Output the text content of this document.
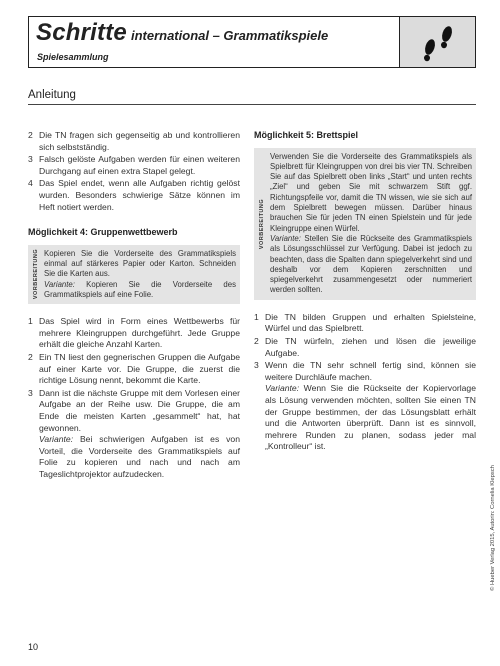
Schritte international – Grammatikspiele
Spielesammlung
Anleitung
2 Die TN fragen sich gegenseitig ab und kontrollieren sich selbstständig.
3 Falsch gelöste Aufgaben werden für einen weiteren Durchgang auf einen extra Stapel gelegt.
4 Das Spiel endet, wenn alle Aufgaben richtig gelöst wurden. Besonders schwierige Sätze können im Heft notiert werden.
Möglichkeit 4: Gruppenwettbewerb
VORBEREITUNG Kopieren Sie die Vorderseite des Grammatikspiels einmal auf stärkeres Papier oder Karton. Schneiden Sie die Karten aus.
Variante: Kopieren Sie die Vorderseite des Grammatikspiels auf eine Folie.
1 Das Spiel wird in Form eines Wettbewerbs für mehrere Kleingruppen durchgeführt. Jede Gruppe erhält die gleiche Anzahl Karten.
2 Ein TN liest den gegnerischen Gruppen die Aufgabe auf einer Karte vor. Die Gruppe, die zuerst die richtige Lösung nennt, bekommt die Karte.
3 Dann ist die nächste Gruppe mit dem Vorlesen einer Aufgabe an der Reihe usw. Die Gruppe, die am Ende die meisten Karten „gesammelt“ hat, hat gewonnen.
Variante: Bei schwierigen Aufgaben ist es von Vorteil, die Vorderseite des Grammatikspiels auf Folie zu kopieren und nach und nach am Tageslichtprojektor aufzudecken.
Möglichkeit 5: Brettspiel
VORBEREITUNG
Verwenden Sie die Vorderseite des Grammatikspiels als Spielbrett für Kleingruppen von drei bis vier TN. Schreiben Sie auf das Spielbrett oben links „Start“ und unten rechts „Ziel“ und geben Sie mit schwarzem Stift ggf. Richtungspfeile vor, damit die TN wissen, wie sie sich auf dem Spielbrett bewegen müssen. Darüber hinaus brauchen Sie für jeden TN einen Spielstein und für jede Kleingruppe einen Würfel.
Variante: Stellen Sie die Rückseite des Grammatikspiels als Lösungsschlüssel zur Verfügung. Dabei ist jedoch zu beachten, dass die Spalten dann spiegelverkehrt sind und deshalb vor dem Kopieren zerschnitten und spiegelverkehrt zusammengesetzt oder nummeriert werden sollten.
1 Die TN bilden Gruppen und erhalten Spielsteine, Würfel und das Spielbrett.
2 Die TN würfeln, ziehen und lösen die jeweilige Aufgabe.
3 Wenn die TN sehr schnell fertig sind, können sie weitere Durchläufe machen.
Variante: Wenn Sie die Rückseite der Kopiervorlage als Lösung verwenden möchten, sollten Sie einen TN der Gruppe bestimmen, der das Lösungsblatt erhält und die Antworten überprüft. Dann ist es sinnvoll, mehrere Runden zu planen, sodass jeder mal „Kontrolleur“ ist.
10
© Hueber Verlag 2015, Autorin: Cornelia Klepsch
